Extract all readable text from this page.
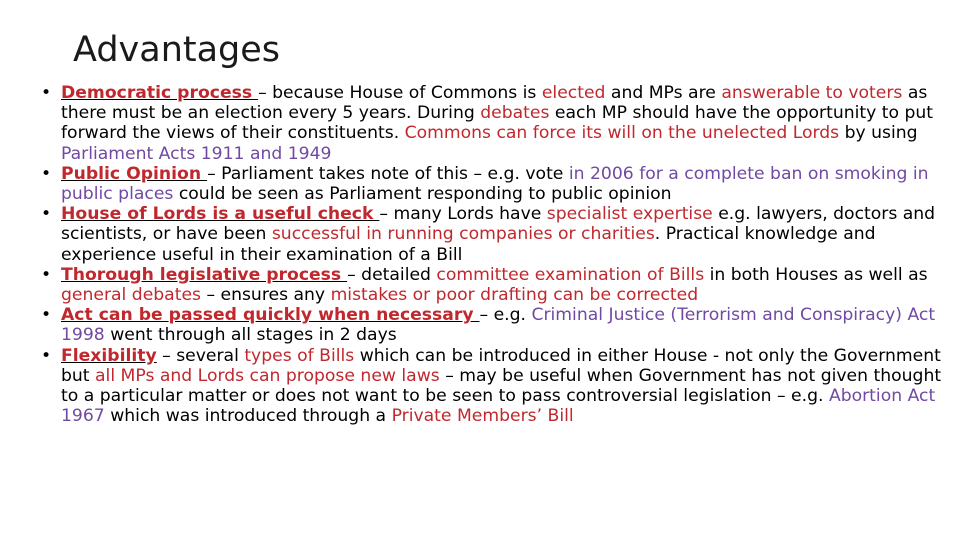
Advantages
• Democratic process – because House of Commons is elected and MPs are answerable to voters as there must be an election every 5 years. During debates each MP should have the opportunity to put forward the views of their constituents. Commons can force its will on the unelected Lords by using Parliament Acts 1911 and 1949
• Public Opinion – Parliament takes note of this – e.g. vote in 2006 for a complete ban on smoking in public places could be seen as Parliament responding to public opinion
• House of Lords is a useful check – many Lords have specialist expertise e.g. lawyers, doctors and scientists, or have been successful in running companies or charities. Practical knowledge and experience useful in their examination of a Bill
• Thorough legislative process – detailed committee examination of Bills in both Houses as well as general debates – ensures any mistakes or poor drafting can be corrected
• Act can be passed quickly when necessary – e.g. Criminal Justice (Terrorism and Conspiracy) Act 1998 went through all stages in 2 days
• Flexibility – several types of Bills which can be introduced in either House - not only the Government but all MPs and Lords can propose new laws – may be useful when Government has not given thought to a particular matter or does not want to be seen to pass controversial legislation – e.g. Abortion Act 1967 which was introduced through a Private Members’ Bill
